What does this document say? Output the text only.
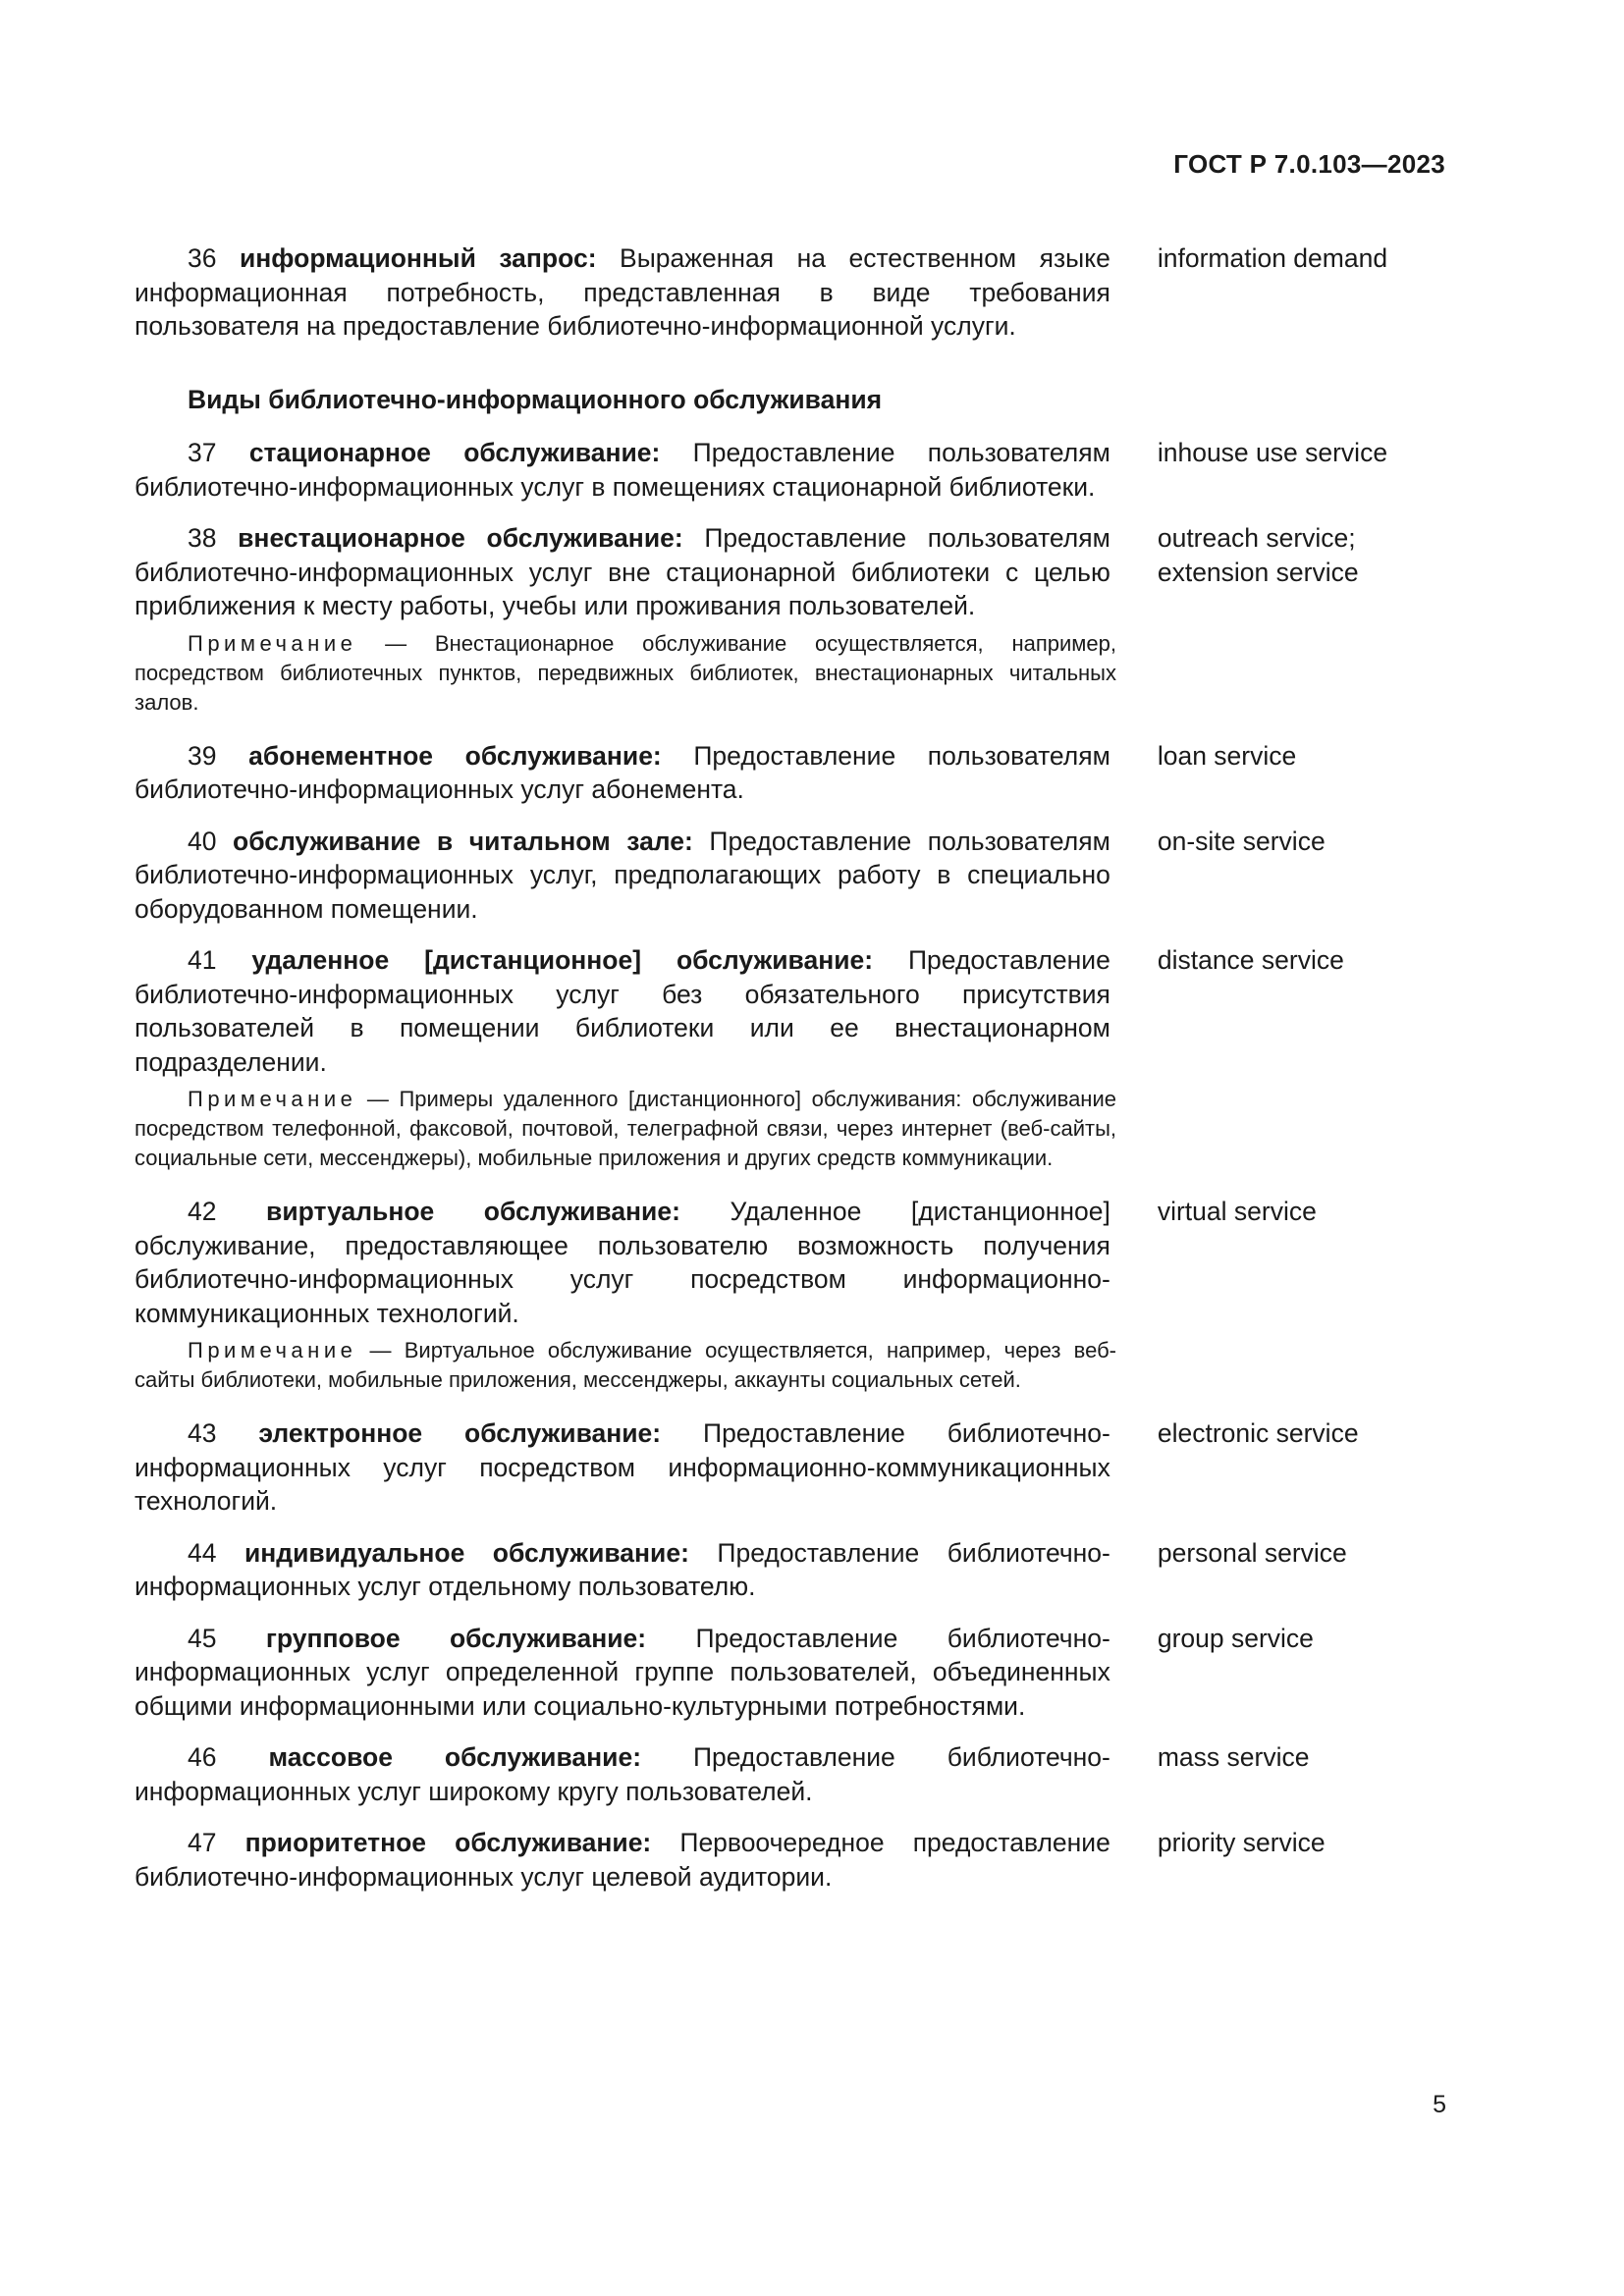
ГОСТ Р 7.0.103—2023
36 информационный запрос: Выраженная на естественном языке информационная потребность, представленная в виде требования пользователя на предоставление библиотечно-информационной услуги.
information demand
Виды библиотечно-информационного обслуживания
37 стационарное обслуживание: Предоставление пользователям библиотечно-информационных услуг в помещениях стационарной библиотеки.
inhouse use service
38 внестационарное обслуживание: Предоставление пользователям библиотечно-информационных услуг вне стационарной библиотеки с целью приближения к месту работы, учебы или проживания пользователей.
outreach service;
extension service
Примечание — Внестационарное обслуживание осуществляется, например, посредством библиотечных пунктов, передвижных библиотек, внестационарных читальных залов.
39 абонементное обслуживание: Предоставление пользователям библиотечно-информационных услуг абонемента.
loan service
40 обслуживание в читальном зале: Предоставление пользователям библиотечно-информационных услуг, предполагающих работу в специально оборудованном помещении.
on-site service
41 удаленное [дистанционное] обслуживание: Предоставление библиотечно-информационных услуг без обязательного присутствия пользователей в помещении библиотеки или ее внестационарном подразделении.
distance service
Примечание — Примеры удаленного [дистанционного] обслуживания: обслуживание посредством телефонной, факсовой, почтовой, телеграфной связи, через интернет (веб-сайты, социальные сети, мессенджеры), мобильные приложения и других средств коммуникации.
42 виртуальное обслуживание: Удаленное [дистанционное] обслуживание, предоставляющее пользователю возможность получения библиотечно-информационных услуг посредством информационно-коммуникационных технологий.
virtual service
Примечание — Виртуальное обслуживание осуществляется, например, через веб-сайты библиотеки, мобильные приложения, мессенджеры, аккаунты социальных сетей.
43 электронное обслуживание: Предоставление библиотечно-информационных услуг посредством информационно-коммуникационных технологий.
electronic service
44 индивидуальное обслуживание: Предоставление библиотечно-информационных услуг отдельному пользователю.
personal service
45 групповое обслуживание: Предоставление библиотечно-информационных услуг определенной группе пользователей, объединенных общими информационными или социально-культурными потребностями.
group service
46 массовое обслуживание: Предоставление библиотечно-информационных услуг широкому кругу пользователей.
mass service
47 приоритетное обслуживание: Первоочередное предоставление библиотечно-информационных услуг целевой аудитории.
priority service
5
